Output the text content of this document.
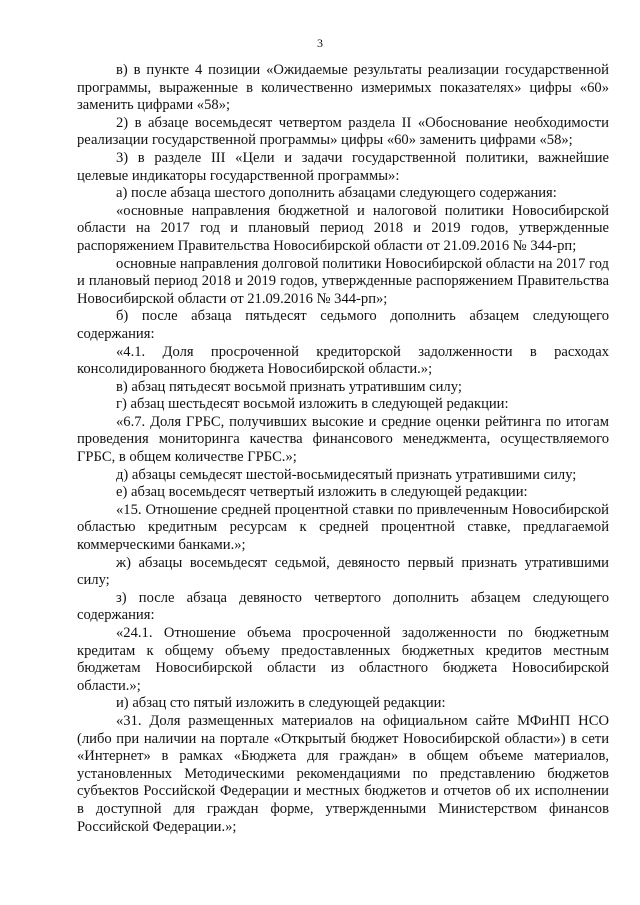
3

в) в пункте 4 позиции «Ожидаемые результаты реализации государственной программы, выраженные в количественно измеримых показателях» цифры «60» заменить цифрами «58»;

2) в абзаце восемьдесят четвертом раздела II «Обоснование необходимости реализации государственной программы» цифры «60» заменить цифрами «58»;

3) в разделе III «Цели и задачи государственной политики, важнейшие целевые индикаторы государственной программы»:

а) после абзаца шестого дополнить абзацами следующего содержания:

«основные направления бюджетной и налоговой политики Новосибирской области на 2017 год и плановый период 2018 и 2019 годов, утвержденные распоряжением Правительства Новосибирской области от 21.09.2016 № 344-рп;

основные направления долговой политики Новосибирской области на 2017 год и плановый период 2018 и 2019 годов, утвержденные распоряжением Правительства Новосибирской области от 21.09.2016 № 344-рп»;

б) после абзаца пятьдесят седьмого дополнить абзацем следующего содержания:

«4.1. Доля просроченной кредиторской задолженности в расходах консолидированного бюджета Новосибирской области.»;

в) абзац пятьдесят восьмой признать утратившим силу;

г) абзац шестьдесят восьмой изложить в следующей редакции:

«6.7. Доля ГРБС, получивших высокие и средние оценки рейтинга по итогам проведения мониторинга качества финансового менеджмента, осуществляемого ГРБС, в общем количестве ГРБС.»;

д) абзацы семьдесят шестой-восьмидесятый признать утратившими силу;

е) абзац восемьдесят четвертый изложить в следующей редакции:

«15. Отношение средней процентной ставки по привлеченным Новосибирской областью кредитным ресурсам к средней процентной ставке, предлагаемой коммерческими банками.»;

ж) абзацы восемьдесят седьмой, девяносто первый признать утратившими силу;

з) после абзаца девяносто четвертого дополнить абзацем следующего содержания:

«24.1. Отношение объема просроченной задолженности по бюджетным кредитам к общему объему предоставленных бюджетных кредитов местным бюджетам Новосибирской области из областного бюджета Новосибирской области.»;

и) абзац сто пятый изложить в следующей редакции:

«31. Доля размещенных материалов на официальном сайте МФиНП НСО (либо при наличии на портале «Открытый бюджет Новосибирской области») в сети «Интернет» в рамках «Бюджета для граждан» в общем объеме материалов, установленных Методическими рекомендациями по представлению бюджетов субъектов Российской Федерации и местных бюджетов и отчетов об их исполнении в доступной для граждан форме, утвержденными Министерством финансов Российской Федерации.»;
